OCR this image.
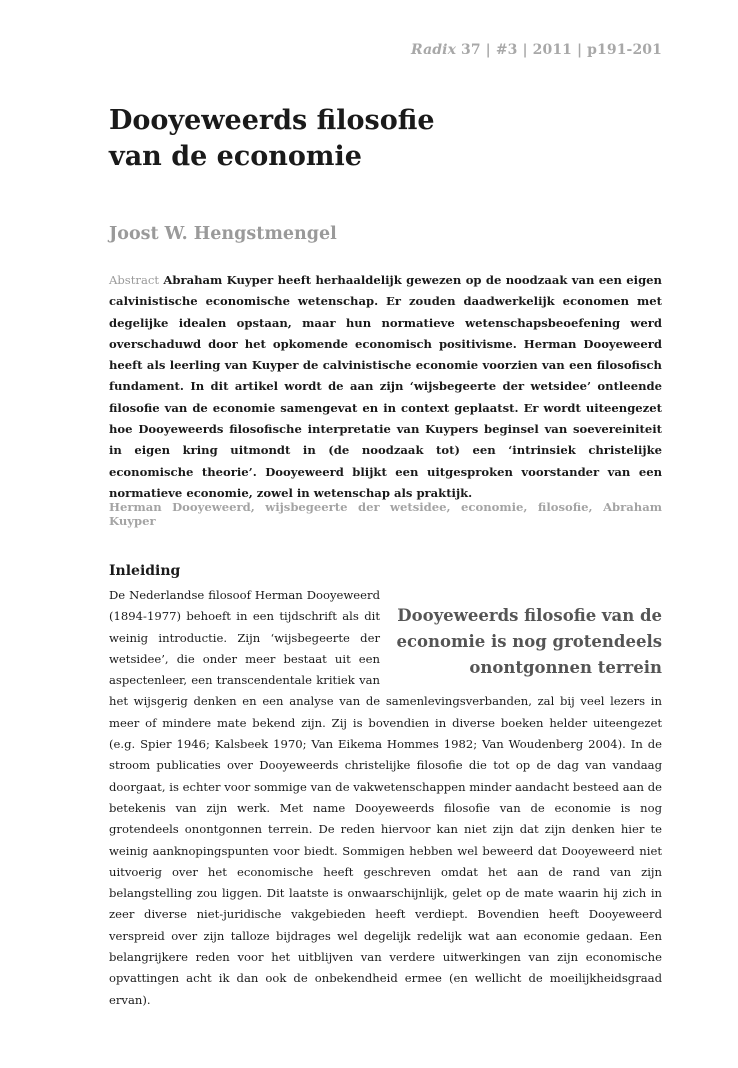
Radix 37 | #3 | 2011 | p191-201
Dooyeweerds filosofie
van de economie
Joost W. Hengstmengel

Abstract Abraham Kuyper heeft herhaaldelijk gewezen op de noodzaak van een eigen calvinistische economische wetenschap. Er zouden daadwerkelijk economen met degelijke idealen opstaan, maar hun normatieve wetenschapsbeoefening werd overschaduwd door het opkomende economisch positivisme. Herman Dooyeweerd heeft als leerling van Kuyper de calvinistische economie voorzien van een filosofisch fundament. In dit artikel wordt de aan zijn ‘wijsbegeerte der wetsidee’ ontleende filosofie van de economie samengevat en in context geplaatst. Er wordt uiteengezet hoe Dooyeweerds filosofische interpretatie van Kuypers beginsel van soevereiniteit in eigen kring uitmondt in (de noodzaak tot) een ‘intrinsiek christelijke economische theorie’. Dooyeweerd blijkt een uitgesproken voorstander van een normatieve economie, zowel in wetenschap als praktijk.

Herman Dooyeweerd, wijsbegeerte der wetsidee, economie, filosofie, Abraham Kuyper
Inleiding
Dooyeweerds filosofie van de economie is nog grotendeels onontgonnen terrein

De Nederlandse filosoof Herman Dooyeweerd (1894-1977) behoeft in een tijdschrift als dit weinig introductie. Zijn ‘wijsbegeerte der wetsidee’, die onder meer bestaat uit een aspectenleer, een transcendentale kritiek van het wijsgerig denken en een analyse van de samenlevingsverbanden, zal bij veel lezers in meer of mindere mate bekend zijn. Zij is bovendien in diverse boeken helder uiteengezet (e.g. Spier 1946; Kalsbeek 1970; Van Eikema Hommes 1982; Van Woudenberg 2004). In de stroom publicaties over Dooyeweerds christelijke filosofie die tot op de dag van vandaag doorgaat, is echter voor sommige van de vakwetenschappen minder aandacht besteed aan de betekenis van zijn werk. Met name Dooyeweerds filosofie van de economie is nog grotendeels onontgonnen terrein. De reden hiervoor kan niet zijn dat zijn denken hier te weinig aanknopingspunten voor biedt. Sommigen hebben wel beweerd dat Dooyeweerd niet uitvoerig over het economische heeft geschreven omdat het aan de rand van zijn belangstelling zou liggen. Dit laatste is onwaarschijnlijk, gelet op de mate waarin hij zich in zeer diverse niet-juridische vakgebieden heeft verdiept. Bovendien heeft Dooyeweerd verspreid over zijn talloze bijdrages wel degelijk redelijk wat aan economie gedaan. Een belangrijkere reden voor het uitblijven van verdere uitwerkingen van zijn economische opvattingen acht ik dan ook de onbekendheid ermee (en wellicht de moeilijkheidsgraad ervan).
